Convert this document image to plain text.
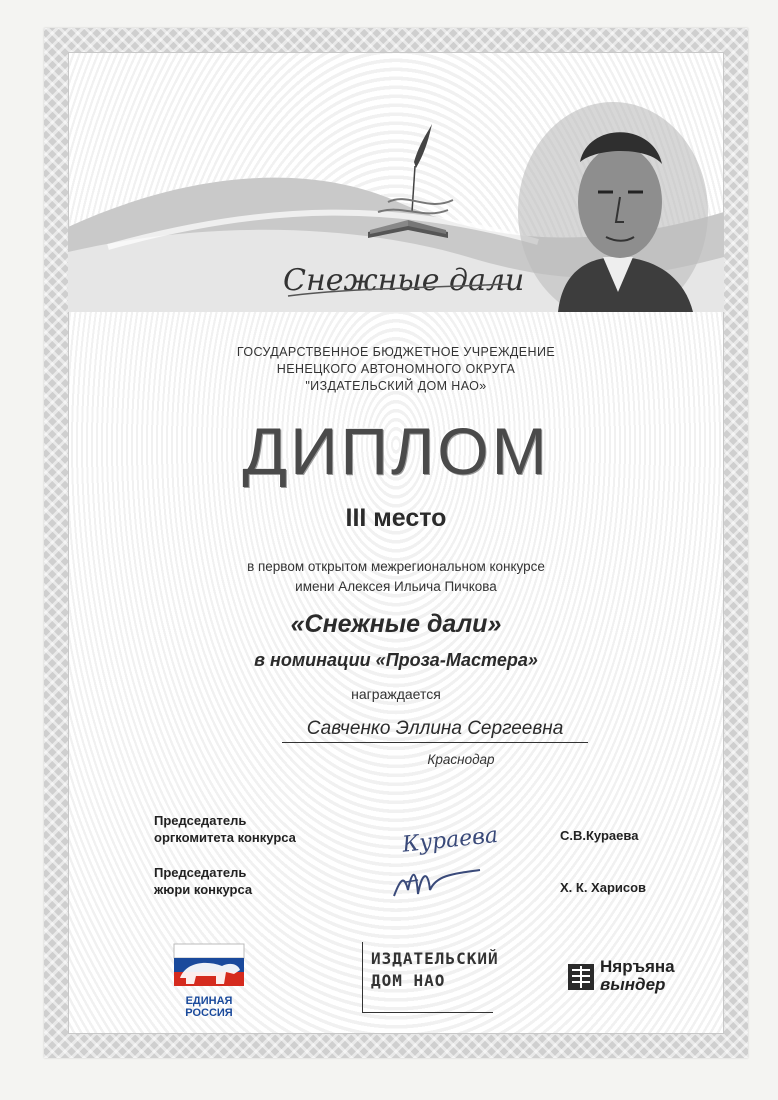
Снежные дали
ГОСУДАРСТВЕННОЕ БЮДЖЕТНОЕ УЧРЕЖДЕНИЕ
НЕНЕЦКОГО АВТОНОМНОГО ОКРУГА
"ИЗДАТЕЛЬСКИЙ ДОМ НАО»
ДИПЛОМ
III место
в первом открытом межрегиональном конкурсе
имени Алексея Ильича Пичкова
«Снежные дали»
в номинации «Проза-Мастера»
награждается
Савченко Эллина Сергеевна
Краснодар
Председатель
оргкомитета конкурса	Кураева	С.В.Кураева
Председатель
жюри конкурса	Х. К. Харисов
ЕДИНАЯ
РОССИЯ
ИЗДАТЕЛЬСКИЙ
ДОМ НАО
Няръяна
вындер
